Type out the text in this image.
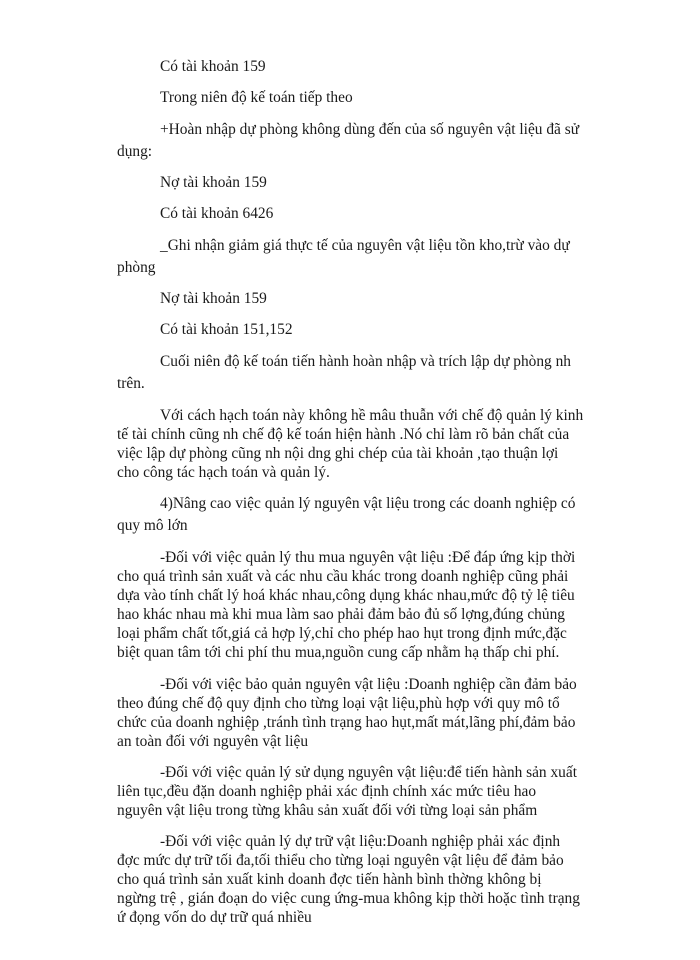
Có tài khoản 159
Trong niên độ kế toán tiếp theo
+Hoàn nhập dự phòng không dùng đến của số nguyên vật liệu đã sử
dụng:
Nợ tài khoản 159
Có tài khoản 6426
_Ghi nhận giảm giá thực tế của nguyên vật liệu tồn kho,trừ vào dự
phòng
Nợ tài khoản 159
Có tài khoản 151,152
Cuối niên độ kế toán tiến hành hoàn nhập và trích lập dự phòng nh
trên.
Với cách hạch toán này không hề mâu thuẫn với chế độ quản lý kinh
tế tài chính cũng nh chế độ kế toán hiện hành .Nó chỉ làm rõ bản chất của
việc lập dự phòng cũng nh nội dng ghi chép của tài khoản ,tạo thuận lợi
cho công tác hạch toán và quản lý.
4)Nâng cao việc quản lý nguyên vật liệu trong các doanh nghiệp có
quy mô lớn
-Đối với việc quản lý thu mua nguyên vật liệu :Để đáp ứng kịp thời
cho quá trình sản xuất và các nhu cầu khác trong doanh nghiệp cũng phải
dựa vào tính chất lý hoá khác nhau,công dụng khác nhau,mức độ tỷ lệ tiêu
hao khác nhau mà khi mua làm sao phải đảm bảo đủ số lợng,đúng chủng
loại phẩm chất tốt,giá cả hợp lý,chỉ cho phép hao hụt trong định mức,đặc
biệt quan tâm tới chi phí thu mua,nguồn cung cấp nhằm hạ thấp chi phí.
-Đối với việc bảo quản nguyên vật liệu :Doanh nghiệp cần đảm bảo
theo đúng chế độ quy định cho từng loại vật liệu,phù hợp với quy mô tổ
chức của doanh nghiệp ,tránh tình trạng hao hụt,mất mát,lãng phí,đảm bảo
an toàn đối với nguyên vật liệu
-Đối với việc quản lý sử dụng nguyên vật liệu:để tiến hành sản xuất
liên tục,đều đặn doanh nghiệp phải xác định chính xác mức tiêu hao
nguyên vật liệu trong từng khâu sản xuất đối với từng loại sản phẩm
-Đối với việc quản lý dự trữ vật liệu:Doanh nghiệp phải xác định
đợc mức dự trữ tối đa,tối thiểu cho từng loại nguyên vật liệu để đảm bảo
cho quá trình sản xuất kinh doanh đợc tiến hành bình thờng không bị
ngừng trệ , gián đoạn do việc cung ứng-mua không kịp thời hoặc tình trạng
ứ đọng vốn do dự trữ quá nhiều
